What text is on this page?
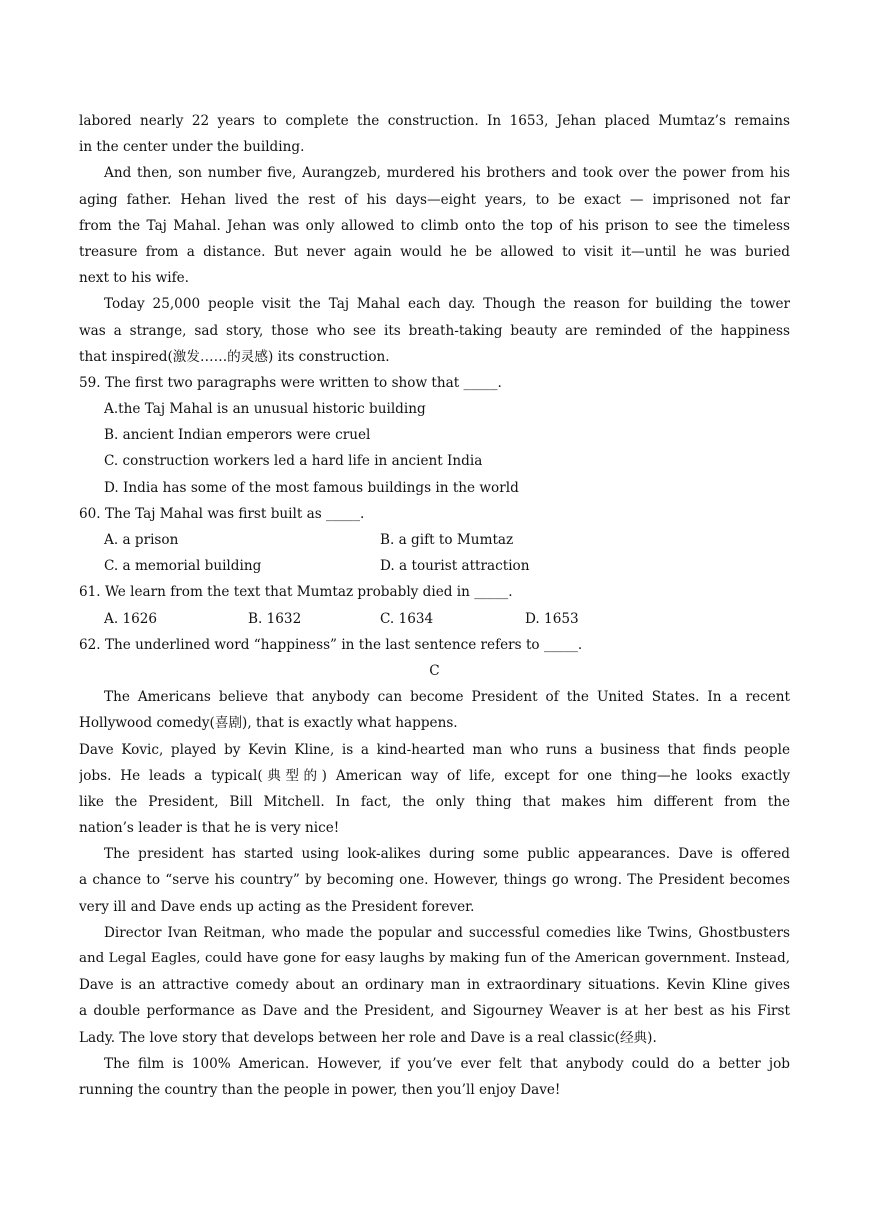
labored nearly 22 years to complete the construction. In 1653, Jehan placed Mumtaz’s remains
in the center under the building.
And then, son number five, Aurangzeb, murdered his brothers and took over the power from his
aging father. Hehan lived the rest of his days—eight years, to be exact — imprisoned not far
from the Taj Mahal. Jehan was only allowed to climb onto the top of his prison to see the timeless
treasure from a distance. But never again would he be allowed to visit it—until he was buried
next to his wife.
Today 25,000 people visit the Taj Mahal each day. Though the reason for building the tower
was a strange, sad story, those who see its breath-taking beauty are reminded of the happiness
that inspired(激发……的灵感) its construction.
59. The first two paragraphs were written to show that _____.
A.the Taj Mahal is an unusual historic building
B. ancient Indian emperors were cruel
C. construction workers led a hard life in ancient India
D. India has some of the most famous buildings in the world
60. The Taj Mahal was first built as _____.
A. a prison	B. a gift to Mumtaz
C. a memorial building	D. a tourist attraction
61. We learn from the text that Mumtaz probably died in _____.
A. 1626	B. 1632	C. 1634	D. 1653
62. The underlined word “happiness” in the last sentence refers to _____.
C
The Americans believe that anybody can become President of the United States. In a recent
Hollywood comedy(喜剧), that is exactly what happens.
Dave Kovic, played by Kevin Kline, is a kind-hearted man who runs a business that finds people
jobs. He leads a typical(典型的) American way of life, except for one thing—he looks exactly
like the President, Bill Mitchell. In fact, the only thing that makes him different from the
nation’s leader is that he is very nice!
The president has started using look-alikes during some public appearances. Dave is offered
a chance to “serve his country” by becoming one. However, things go wrong. The President becomes
very ill and Dave ends up acting as the President forever.
Director Ivan Reitman, who made the popular and successful comedies like Twins, Ghostbusters
and Legal Eagles, could have gone for easy laughs by making fun of the American government. Instead,
Dave is an attractive comedy about an ordinary man in extraordinary situations. Kevin Kline gives
a double performance as Dave and the President, and Sigourney Weaver is at her best as his First
Lady. The love story that develops between her role and Dave is a real classic(经典).
The film is 100% American. However, if you’ve ever felt that anybody could do a better job
running the country than the people in power, then you’ll enjoy Dave!
